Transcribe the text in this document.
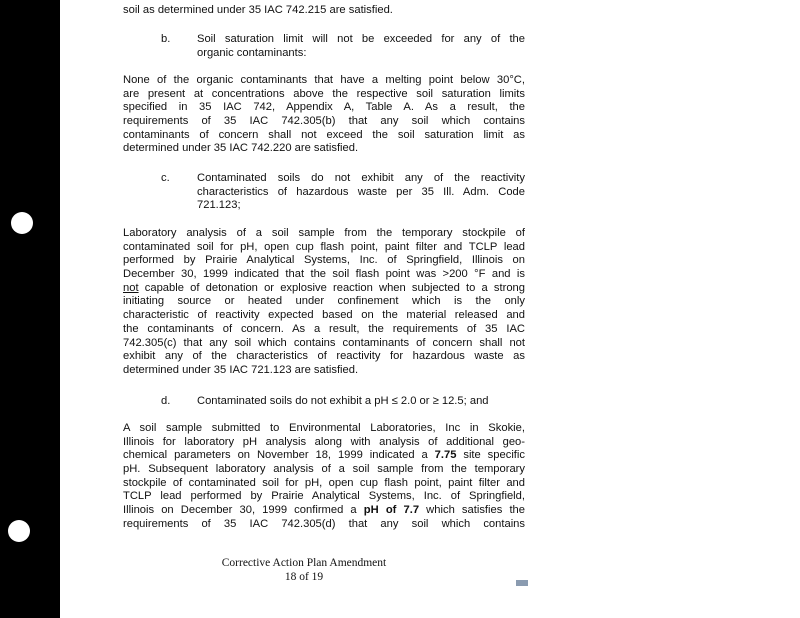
soil as determined under 35 IAC 742.215 are satisfied.
b. Soil saturation limit will not be exceeded for any of the
organic contaminants:
None of the organic contaminants that have a melting point below 30°C,
are present at concentrations above the respective soil saturation limits
specified in 35 IAC 742, Appendix A, Table A. As a result, the
requirements of 35 IAC 742.305(b) that any soil which contains
contaminants of concern shall not exceed the soil saturation limit as
determined under 35 IAC 742.220 are satisfied.
c. Contaminated soils do not exhibit any of the reactivity
characteristics of hazardous waste per 35 Ill. Adm. Code
721.123;
Laboratory analysis of a soil sample from the temporary stockpile of
contaminated soil for pH, open cup flash point, paint filter and TCLP lead
performed by Prairie Analytical Systems, Inc. of Springfield, Illinois on
December 30, 1999 indicated that the soil flash point was >200 °F and is
not capable of detonation or explosive reaction when subjected to a strong
initiating source or heated under confinement which is the only
characteristic of reactivity expected based on the material released and
the contaminants of concern. As a result, the requirements of 35 IAC
742.305(c) that any soil which contains contaminants of concern shall not
exhibit any of the characteristics of reactivity for hazardous waste as
determined under 35 IAC 721.123 are satisfied.
d. Contaminated soils do not exhibit a pH ≤ 2.0 or ≥ 12.5; and
A soil sample submitted to Environmental Laboratories, Inc in Skokie,
Illinois for laboratory pH analysis along with analysis of additional geo-
chemical parameters on November 18, 1999 indicated a 7.75 site specific
pH. Subsequent laboratory analysis of a soil sample from the temporary
stockpile of contaminated soil for pH, open cup flash point, paint filter and
TCLP lead performed by Prairie Analytical Systems, Inc. of Springfield,
Illinois on December 30, 1999 confirmed a pH of 7.7 which satisfies the
requirements of 35 IAC 742.305(d) that any soil which contains
Corrective Action Plan Amendment
18 of 19
